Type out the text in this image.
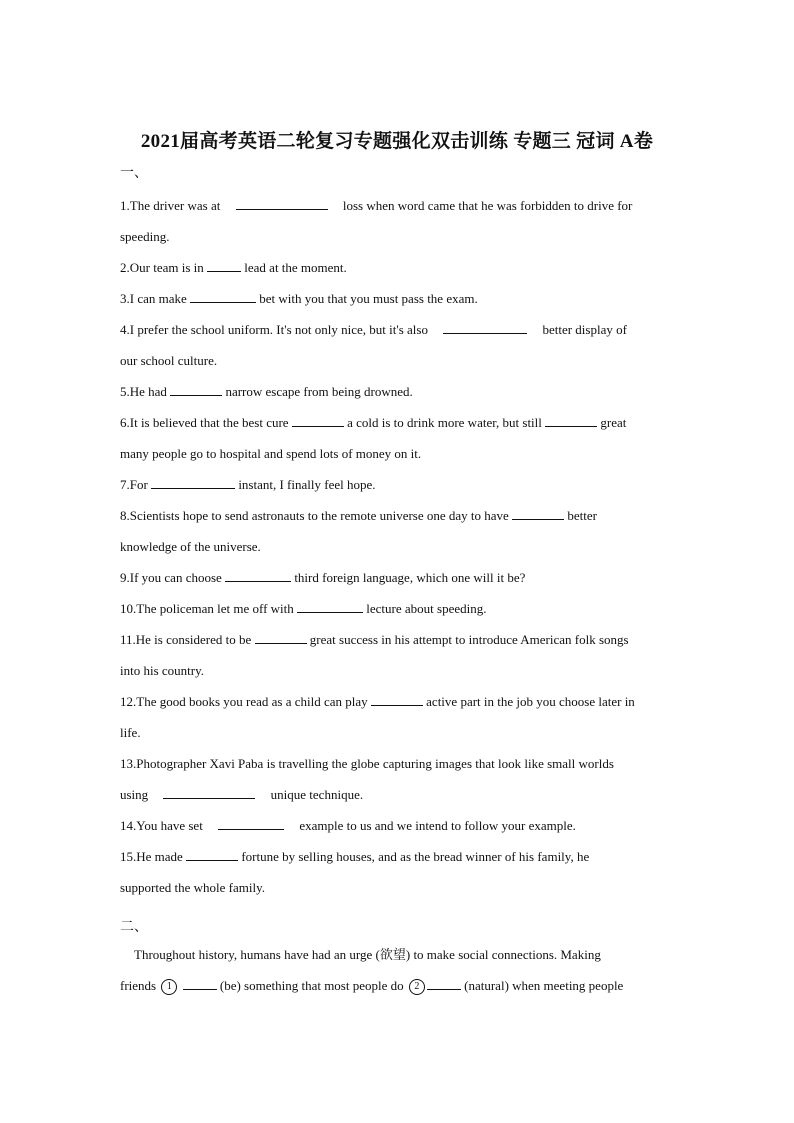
2021届高考英语二轮复习专题强化双击训练 专题三 冠词 A卷
一、
1.The driver was at	loss when word came that he was forbidden to drive for
speeding.
2.Our team is in	lead at the moment.
3.I can make	bet with you that you must pass the exam.
4.I prefer the school uniform. It's not only nice, but it's also	better display of
our school culture.
5.He had	narrow escape from being drowned.
6.It is believed that the best cure	a cold is to drink more water, but still	great
many people go to hospital and spend lots of money on it.
7.For	instant, I finally feel hope.
8.Scientists hope to send astronauts to the remote universe one day to have	better
knowledge of the universe.
9.If you can choose	third foreign language, which one will it be?
10.The policeman let me off with	lecture about speeding.
11.He is considered to be	great success in his attempt to introduce American folk songs
into his country.
12.The good books you read as a child can play	active part in the job you choose later in
life.
13.Photographer Xavi Paba is travelling the globe capturing images that look like small worlds
using	unique technique.
14.You have set	example to us and we intend to follow your example.
15.He made	fortune by selling houses, and as the bread winner of his family, he
supported the whole family.
二、
Throughout history, humans have had an urge (欲望) to make social connections. Making
friends 1	(be) something that most people do 2	(natural) when meeting people
